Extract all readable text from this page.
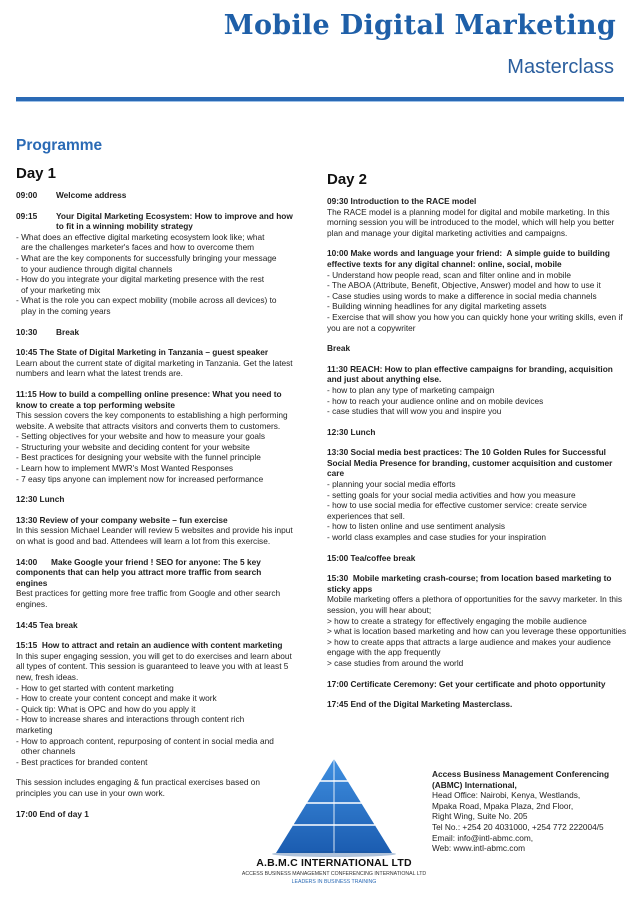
Mobile Digital Marketing
Masterclass
Programme
Day 1
09:00	Welcome address
09:15	Your Digital Marketing Ecosystem: How to improve and how to fit in a winning mobility strategy
- What does an effective digital marketing ecosystem look like; what
are the challenges marketer's faces and how to overcome them
- What are the key components for successfully bringing your message
to your audience through digital channels
- How do you integrate your digital marketing presence with the rest
of your marketing mix
- What is the role you can expect mobility (mobile across all devices) to
play in the coming years
10:30	Break
10:45 The State of Digital Marketing in Tanzania – guest speaker
Learn about the current state of digital marketing in Tanzania. Get the latest numbers and learn what the latest trends are.
11:15 How to build a compelling online presence: What you need to know to create a top performing website
This session covers the key components to establishing a high performing website. A website that attracts visitors and converts them to customers.
- Setting objectives for your website and how to measure your goals
- Structuring your website and deciding content for your website
- Best practices for designing your website with the funnel principle
- Learn how to implement MWR's Most Wanted Responses
- 7 easy tips anyone can implement now for increased performance
12:30 Lunch
13:30 Review of your company website – fun exercise
In this session Michael Leander will review 5 websites and provide his input on what is good and bad. Attendees will learn a lot from this exercise.
14:00      Make Google your friend ! SEO for anyone: The 5 key components that can help you attract more traffic from search engines
Best practices for getting more free traffic from Google and other search engines.
14:45 Tea break
15:15  How to attract and retain an audience with content marketing
In this super engaging session, you will get to do exercises and learn about all types of content. This session is guaranteed to leave you with at least 5 new, fresh ideas.
- How to get started with content marketing
- How to create your content concept and make it work
- Quick tip: What is OPC and how do you apply it
- How to increase shares and interactions through content rich
marketing
- How to approach content, repurposing of content in social media and
other channels
- Best practices for branded content
This session includes engaging & fun practical exercises based on principles you can use in your own work.
17:00 End of day 1
Day 2
09:30 Introduction to the RACE model
The RACE model is a planning model for digital and mobile marketing. In this morning session you will be introduced to the model, which will help you better plan and manage your digital marketing activities and campaigns.
10:00 Make words and language your friend:  A simple guide to building effective texts for any digital channel: online, social, mobile
- Understand how people read, scan and filter online and in mobile
- The ABOA (Attribute, Benefit, Objective, Answer) model and how to use it
- Case studies using words to make a difference in social media channels
- Building winning headlines for any digital marketing assets
- Exercise that will show you how you can quickly hone your writing skills, even if you are not a copywriter
Break
11:30 REACH: How to plan effective campaigns for branding, acquisition and just about anything else.
- how to plan any type of marketing campaign
- how to reach your audience online and on mobile devices
- case studies that will wow you and inspire you
12:30 Lunch
13:30 Social media best practices: The 10 Golden Rules for Successful Social Media Presence for branding, customer acquisition and customer care
- planning your social media efforts
- setting goals for your social media activities and how you measure
- how to use social media for effective customer service: create service experiences that sell.
- how to listen online and use sentiment analysis
- world class examples and case studies for your inspiration
15:00 Tea/coffee break
15:30  Mobile marketing crash-course; from location based marketing to sticky apps
Mobile marketing offers a plethora of opportunities for the savvy marketer. In this session, you will hear about;
> how to create a strategy for effectively engaging the mobile audience
> what is location based marketing and how can you leverage these opportunities
> how to create apps that attracts a large audience and makes your audience engage with the app frequently
> case studies from around the world
17:00 Certificate Ceremony: Get your certificate and photo opportunity
17:45 End of the Digital Marketing Masterclass.
A.B.M.C INTERNATIONAL LTD
ACCESS BUSINESS MANAGEMENT CONFERENCING INTERNATIONAL LTD
LEADERS IN BUSINESS TRAINING
Access Business Management Conferencing (ABMC) International,
Head Office: Nairobi, Kenya, Westlands,
Mpaka Road, Mpaka Plaza, 2nd Floor,
Right Wing, Suite No. 205
Tel No.: +254 20 4031000, +254 772 222004/5
Email: info@intl-abmc.com,
Web: www.intl-abmc.com
